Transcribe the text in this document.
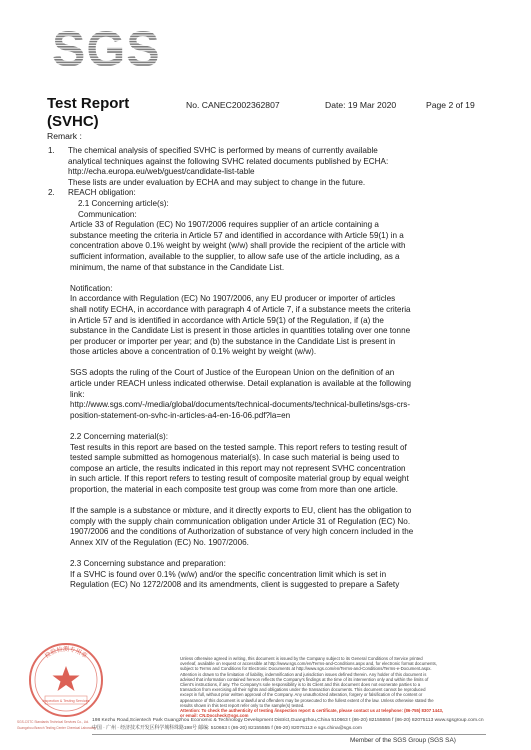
SGS
Test Report
(SVHC)
No. CANEC2002362807	Date: 19 Mar 2020	Page 2 of 19
Remark :
1.	The chemical analysis of specified SVHC is performed by means of currently available

analytical techniques against the following SVHC related documents published by ECHA:

http://echa.europa.eu/web/guest/candidate-list-table

These lists are under evaluation by ECHA and may subject to change in the future.

2.	REACH obligation:

2.1 Concerning article(s):

Communication:

Article 33 of Regulation (EC) No 1907/2006 requires supplier of an article containing a

substance meeting the criteria in Article 57 and identified in accordance with Article 59(1) in a

concentration above 0.1% weight by weight (w/w) shall provide the recipient of the article with

sufficient information, available to the supplier, to allow safe use of the article including, as a

minimum, the name of that substance in the Candidate List.

Notification:

In accordance with Regulation (EC) No 1907/2006, any EU producer or importer of articles

shall notify ECHA, in accordance with paragraph 4 of Article 7, if a substance meets the criteria

in Article 57 and is identified in accordance with Article 59(1) of the Regulation, if (a) the

substance in the Candidate List is present in those articles in quantities totaling over one tonne

per producer or importer per year; and (b) the substance in the Candidate List is present in

those articles above a concentration of 0.1% weight by weight (w/w).

SGS adopts the ruling of the Court of Justice of the European Union on the definition of an

article under REACH unless indicated otherwise. Detail explanation is available at the following

link:

http://www.sgs.com/-/media/global/documents/technical-documents/technical-bulletins/sgs-crs-

position-statement-on-svhc-in-articles-a4-en-16-06.pdf?la=en

2.2 Concerning material(s):

Test results in this report are based on the tested sample. This report refers to testing result of

tested sample submitted as homogenous material(s). In case such material is being used to

compose an article, the results indicated in this report may not represent SVHC concentration

in such article. If this report refers to testing result of composite material group by equal weight

proportion, the material in each composite test group was come from more than one article.

If the sample is a substance or mixture, and it directly exports to EU, client has the obligation to

comply with the supply chain communication obligation under Article 31 of Regulation (EC) No.

1907/2006 and the conditions of Authorization of substance of very high concern included in the

Annex XIV of the Regulation (EC) No. 1907/2006.

2.3 Concerning substance and preparation:

If a SVHC is found over 0.1% (w/w) and/or the specific concentration limit which is set in

Regulation (EC) No 1272/2008 and its amendments, client is suggested to prepare a Safety

检验检测专用章
Inspection & Testing Services
SGS-CSTC Standards Technical Services Co., Ltd.
Guangzhou Branch Testing Center Chemical Laboratory

Unless otherwise agreed in writing, this document is issued by the Company subject to its General Conditions of Service printed

overleaf, available on request or accessible at http://www.sgs.com/en/Terms-and-Conditions.aspx and, for electronic format documents,

subject to Terms and Conditions for Electronic Documents at http://www.sgs.com/en/Terms-and-Conditions/Terms-e-Document.aspx.

Attention is drawn to the limitation of liability, indemnification and jurisdiction issues defined therein. Any holder of this document is

advised that information contained hereon reflects the Company's findings at the time of its intervention only and within the limits of

Client's instructions, if any. The Company's sole responsibility is to its Client and this document does not exonerate parties to a

transaction from exercising all their rights and obligations under the transaction documents. This document cannot be reproduced

except in full, without prior written approval of the Company. Any unauthorized alteration, forgery or falsification of the content or

appearance of this document is unlawful and offenders may be prosecuted to the fullest extent of the law. Unless otherwise stated the

results shown in this test report refer only to the sample(s) tested.

Attention: To check the authenticity of testing /inspection report & certificate, please contact us at telephone: (86-755) 8307 1443,

or email: CN.Doccheck@sgs.com

198 Kezhu Road,Scientech Park Guangzhou Economic & Technology Development District,Guangzhou,China 510663 t (86-20) 82155555 f (86-20) 82075113 www.sgsgroup.com.cn
中国 · 广州 · 经济技术开发区科学城科珠路198号 邮编: 510663 t (86-20) 82155555 f (86-20) 82075113 e sgs.china@sgs.com
Member of the SGS Group (SGS SA)
